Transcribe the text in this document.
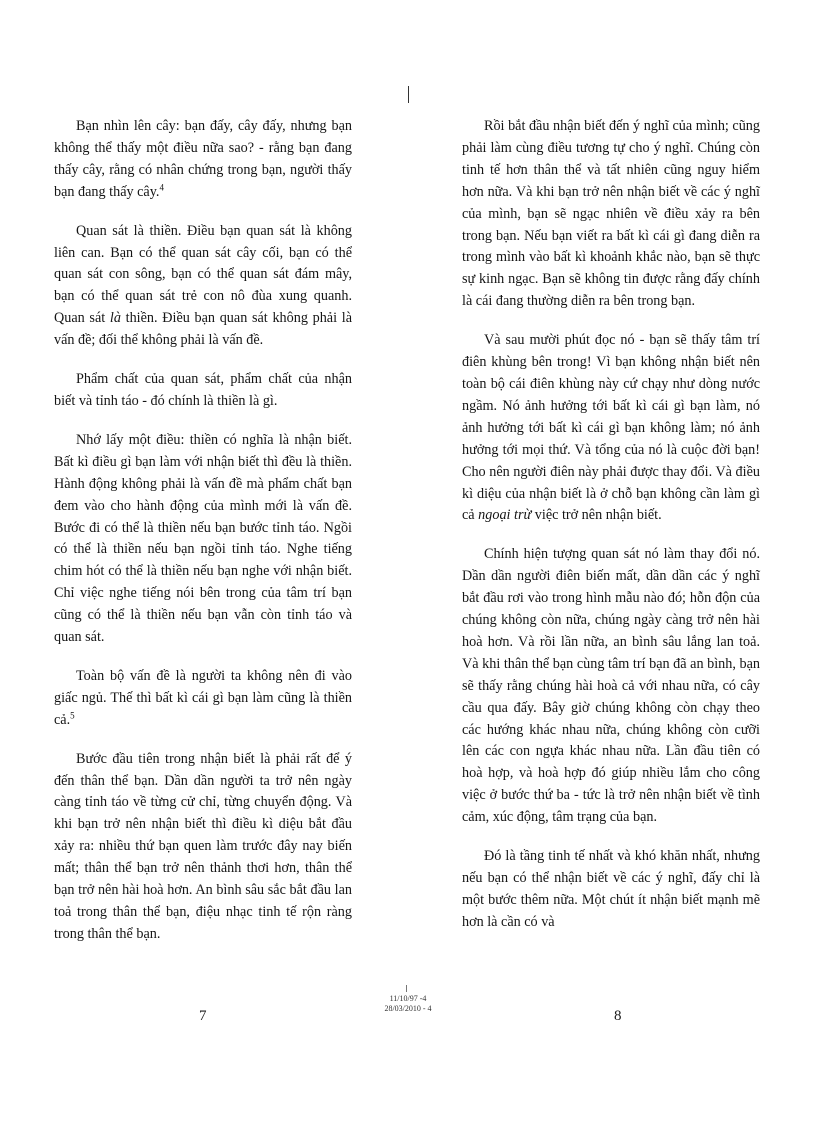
Bạn nhìn lên cây: bạn đấy, cây đấy, nhưng bạn không thể thấy một điều nữa sao? - rằng bạn đang thấy cây, rằng có nhân chứng trong bạn, người thấy bạn đang thấy cây.$^4$

Quan sát là thiền. Điều bạn quan sát là không liên can. Bạn có thể quan sát cây cối, bạn có thể quan sát con sông, bạn có thể quan sát đám mây, bạn có thể quan sát trẻ con nô đùa xung quanh. Quan sát là thiền. Điều bạn quan sát không phải là vấn đề; đối thể không phải là vấn đề.

Phẩm chất của quan sát, phẩm chất của nhận biết và tỉnh táo - đó chính là thiền là gì.

Nhớ lấy một điều: thiền có nghĩa là nhận biết. Bất kì điều gì bạn làm với nhận biết thì đều là thiền. Hành động không phải là vấn đề mà phẩm chất bạn đem vào cho hành động của mình mới là vấn đề. Bước đi có thể là thiền nếu bạn bước tỉnh táo. Ngồi có thể là thiền nếu bạn ngồi tỉnh táo. Nghe tiếng chim hót có thể là thiền nếu bạn nghe với nhận biết. Chỉ việc nghe tiếng nói bên trong của tâm trí bạn cũng có thể là thiền nếu bạn vẫn còn tỉnh táo và quan sát.

Toàn bộ vấn đề là người ta không nên đi vào giấc ngủ. Thế thì bất kì cái gì bạn làm cũng là thiền cả.$^5$

Bước đầu tiên trong nhận biết là phải rất để ý đến thân thể bạn. Dần dần người ta trở nên ngày càng tỉnh táo về từng cử chỉ, từng chuyển động. Và khi bạn trở nên nhận biết thì điều kì diệu bắt đầu xảy ra: nhiều thứ bạn quen làm trước đây nay biến mất; thân thể bạn trở nên thảnh thơi hơn, thân thể bạn trở nên hài hoà hơn. An bình sâu sắc bắt đầu lan toả trong thân thể bạn, điệu nhạc tinh tế rộn ràng trong thân thể bạn.

Rồi bắt đầu nhận biết đến ý nghĩ của mình; cũng phải làm cùng điều tương tự cho ý nghĩ. Chúng còn tinh tế hơn thân thể và tất nhiên cũng nguy hiểm hơn nữa. Và khi bạn trở nên nhận biết về các ý nghĩ của mình, bạn sẽ ngạc nhiên về điều xảy ra bên trong bạn. Nếu bạn viết ra bất kì cái gì đang diễn ra trong mình vào bất kì khoảnh khắc nào, bạn sẽ thực sự kinh ngạc. Bạn sẽ không tin được rằng đấy chính là cái đang thường diễn ra bên trong bạn.

Và sau mười phút đọc nó - bạn sẽ thấy tâm trí điên khùng bên trong! Vì bạn không nhận biết nên toàn bộ cái điên khùng này cứ chạy như dòng nước ngầm. Nó ảnh hưởng tới bất kì cái gì bạn làm, nó ảnh hưởng tới bất kì cái gì bạn không làm; nó ảnh hưởng tới mọi thứ. Và tổng của nó là cuộc đời bạn! Cho nên người điên này phải được thay đổi. Và điều kì diệu của nhận biết là ở chỗ bạn không cần làm gì cả ngoại trừ việc trở nên nhận biết.

Chính hiện tượng quan sát nó làm thay đổi nó. Dần dần người điên biến mất, dần dần các ý nghĩ bắt đầu rơi vào trong hình mẫu nào đó; hỗn độn của chúng không còn nữa, chúng ngày càng trở nên hài hoà hơn. Và rồi lần nữa, an bình sâu lắng lan toả. Và khi thân thể bạn cùng tâm trí bạn đã an bình, bạn sẽ thấy rằng chúng hài hoà cả với nhau nữa, có cây cầu qua đấy. Bây giờ chúng không còn chạy theo các hướng khác nhau nữa, chúng không còn cưỡi lên các con ngựa khác nhau nữa. Lần đầu tiên có hoà hợp, và hoà hợp đó giúp nhiều lắm cho công việc ở bước thứ ba - tức là trở nên nhận biết về tình cảm, xúc động, tâm trạng của bạn.

Đó là tầng tinh tế nhất và khó khăn nhất, nhưng nếu bạn có thể nhận biết về các ý nghĩ, đấy chỉ là một bước thêm nữa. Một chút ít nhận biết mạnh mẽ hơn là cần có và

11/10/97 -4
28/03/2010 - 4
7	8
